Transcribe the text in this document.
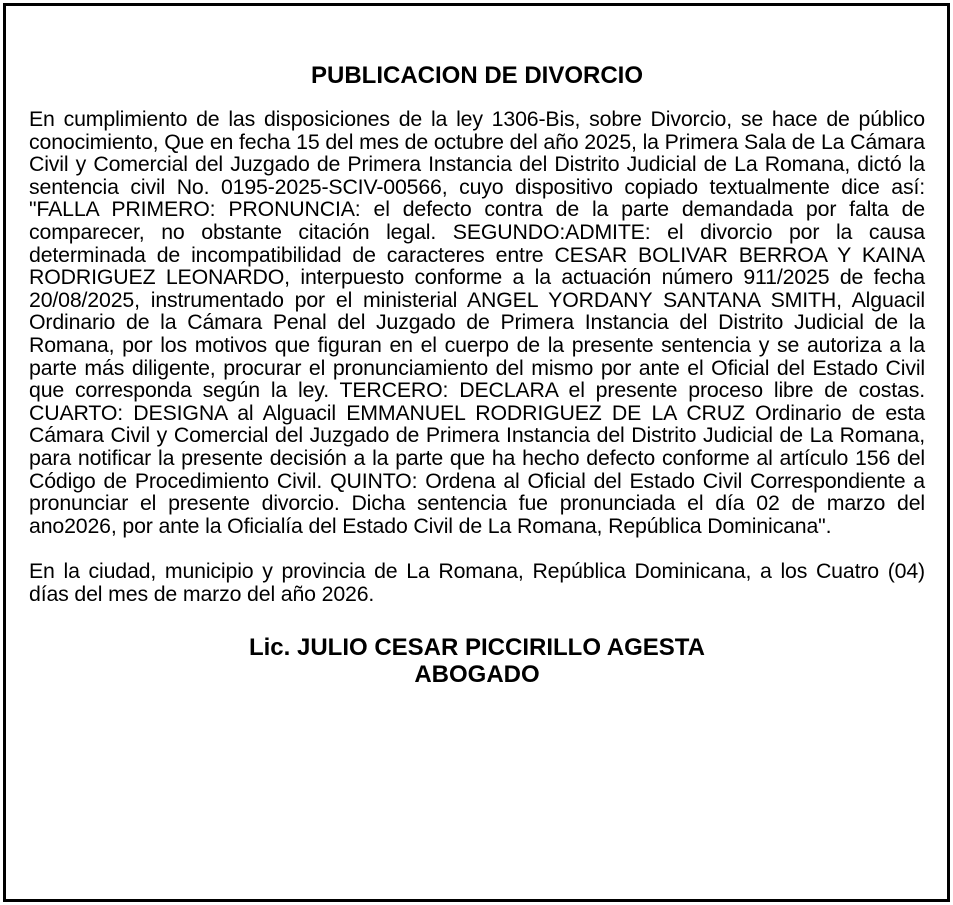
PUBLICACION DE DIVORCIO

En cumplimiento de las disposiciones de la ley 1306-Bis, sobre Divorcio, se hace de público conocimiento, Que en fecha 15 del mes de octubre del año 2025, la Primera Sala de La Cámara Civil y Comercial del Juzgado de Primera Instancia del Distrito Judicial de La Romana, dictó la sentencia civil No. 0195-2025-SCIV-00566, cuyo dispositivo copiado textualmente dice así: "FALLA PRIMERO: PRONUNCIA: el defecto contra de la parte demandada por falta de comparecer, no obstante citación legal. SEGUNDO:ADMITE: el divorcio por la causa determinada de incompatibilidad de caracteres entre CESAR BOLIVAR BERROA Y KAINA RODRIGUEZ LEONARDO, interpuesto conforme a la actuación número 911/2025 de fecha 20/08/2025, instrumentado por el ministerial ANGEL YORDANY SANTANA SMITH, Alguacil Ordinario de la Cámara Penal del Juzgado de Primera Instancia del Distrito Judicial de la Romana, por los motivos que figuran en el cuerpo de la presente sentencia y se autoriza a la parte más diligente, procurar el pronunciamiento del mismo por ante el Oficial del Estado Civil que corresponda según la ley. TERCERO: DECLARA el presente proceso libre de costas. CUARTO: DESIGNA al Alguacil EMMANUEL RODRIGUEZ DE LA CRUZ Ordinario de esta Cámara Civil y Comercial del Juzgado de Primera Instancia del Distrito Judicial de La Romana, para notificar la presente decisión a la parte que ha hecho defecto conforme al artículo 156 del Código de Procedimiento Civil. QUINTO: Ordena al Oficial del Estado Civil Correspondiente a pronunciar el presente divorcio. Dicha sentencia fue pronunciada el día 02 de marzo del ano2026, por ante la Oficialía del Estado Civil de La Romana, República Dominicana".

En la ciudad, municipio y provincia de La Romana, República Dominicana, a los Cuatro (04) días del mes de marzo del año 2026.

Lic. JULIO CESAR PICCIRILLO AGESTA
ABOGADO
